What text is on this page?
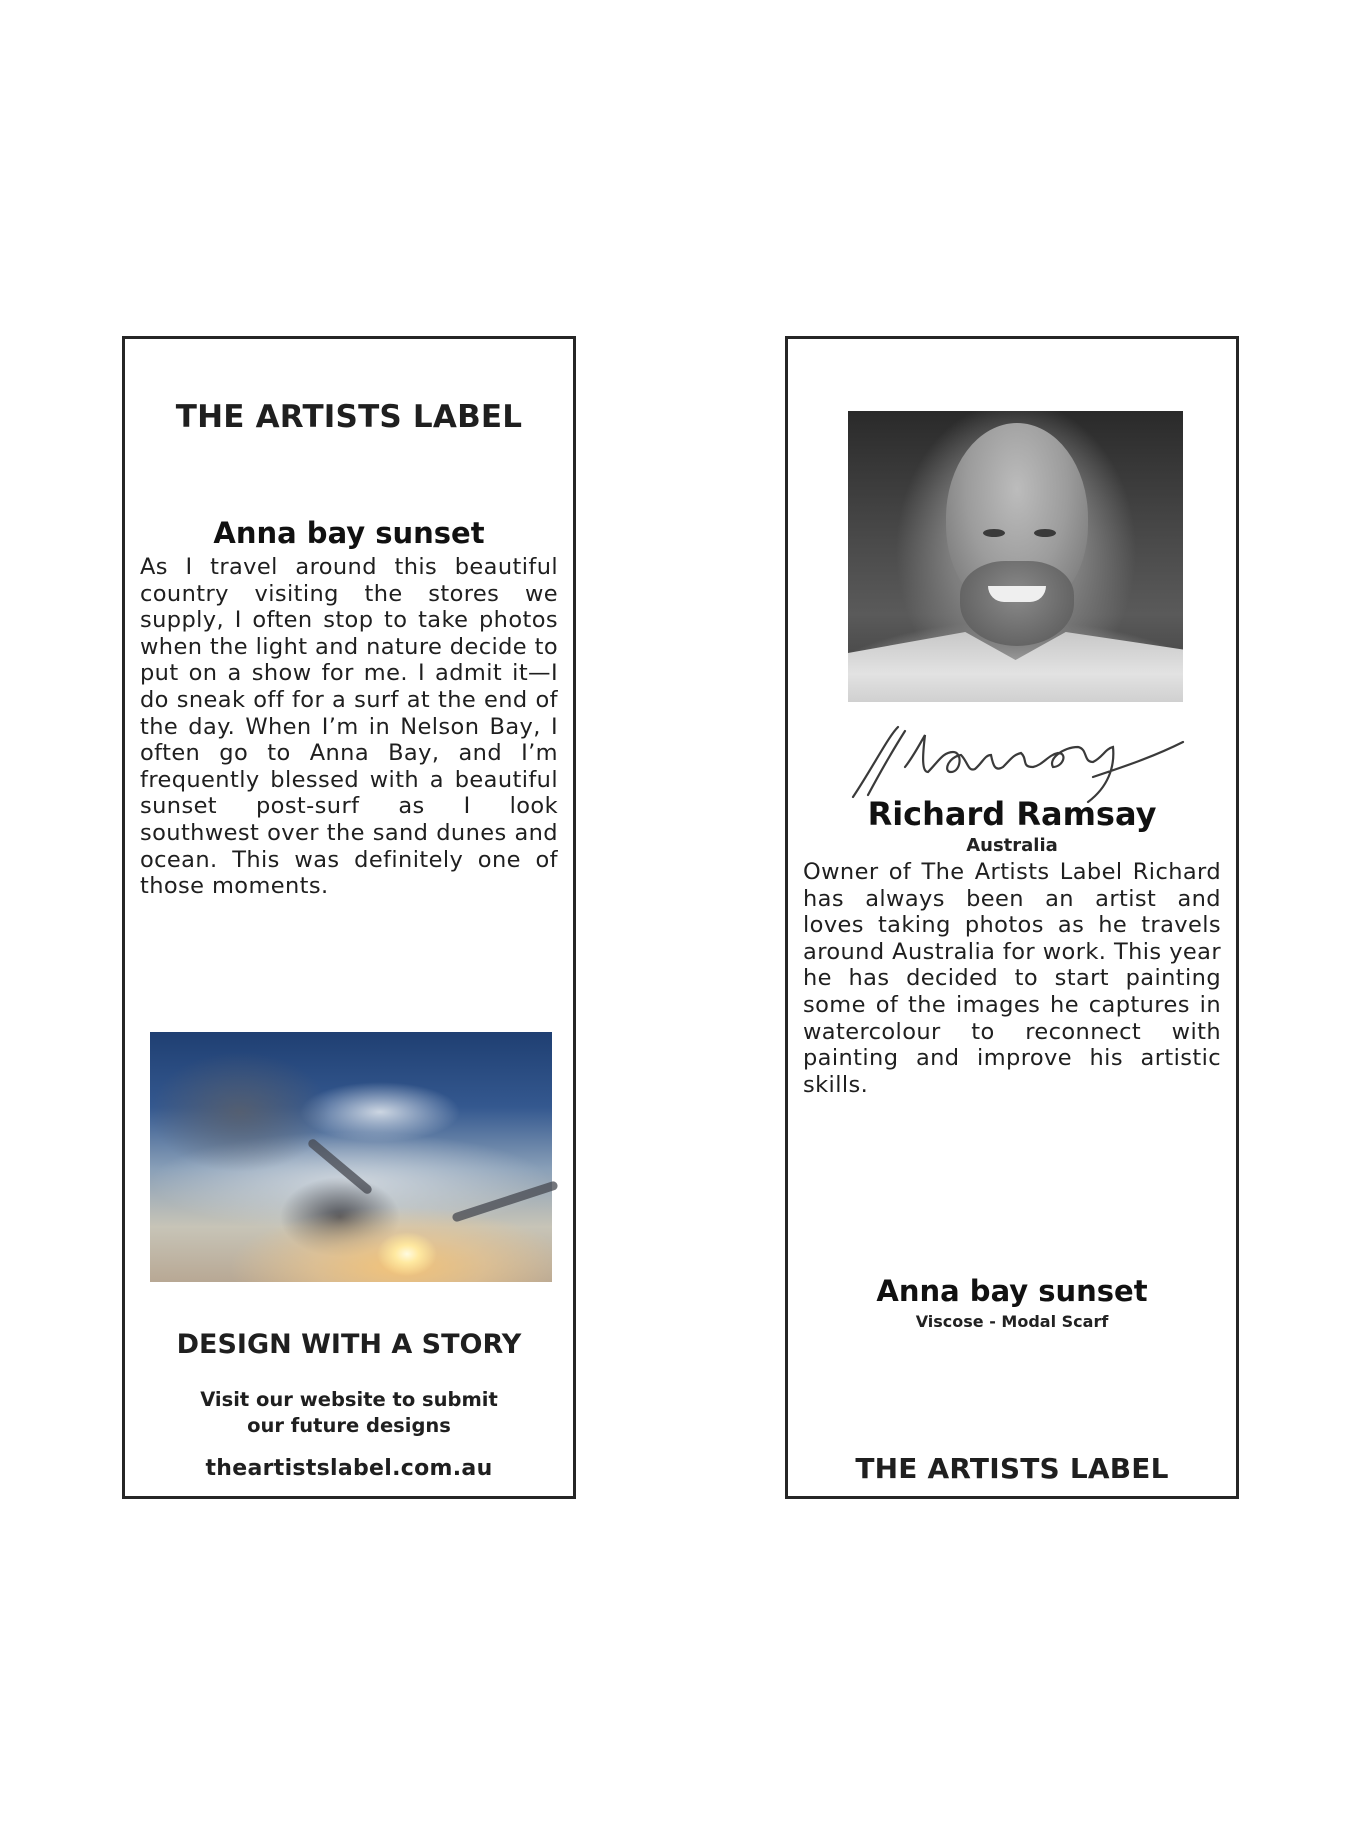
THE ARTISTS LABEL
Anna bay sunset
As I travel around this beautiful country visiting the stores we supply, I often stop to take photos when the light and nature decide to put on a show for me. I admit it—I do sneak off for a surf at the end of the day. When I’m in Nelson Bay, I often go to Anna Bay, and I’m frequently blessed with a beautiful sunset post-surf as I look southwest over the sand dunes and ocean. This was definitely one of those moments.
DESIGN WITH A STORY
Visit our website to submit
our future designs
theartistslabel.com.au
Richard Ramsay
Australia
Owner of The Artists Label Richard has always been an artist and loves taking photos as he travels around Australia for work. This year he has decided to start painting some of the images he captures in watercolour to reconnect with painting and improve his artistic skills.
Anna bay sunset
Viscose - Modal Scarf
THE ARTISTS LABEL
